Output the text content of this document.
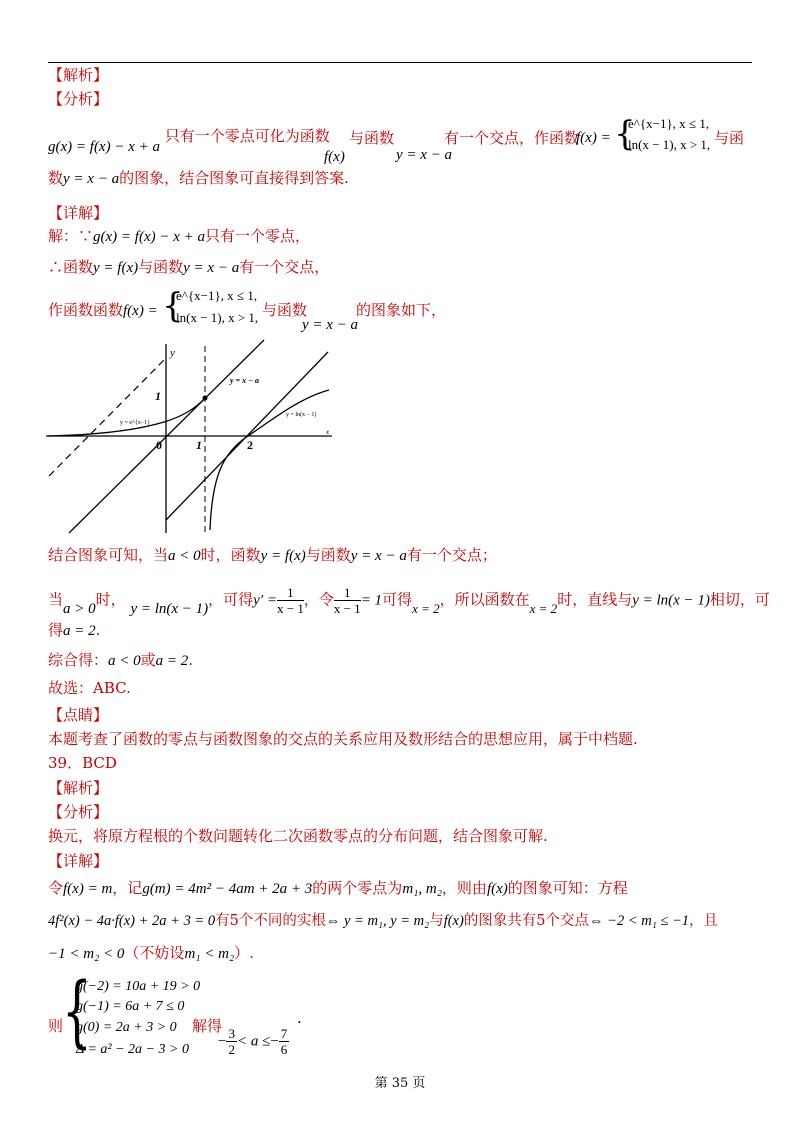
【解析】
【分析】
g(x) = f(x) − x + a 只有一个零点可化为函数
f(x)
与函数
y = x − a
有一个交点，作函数
f(x) = {
e^{x−1}, x ≤ 1,
ln(x − 1), x > 1, 与函
数y = x − a的图象，结合图象可直接得到答案.
【详解】
解：∵g(x) = f(x) − x + a只有一个零点，
∴函数y = f(x)与函数y = x − a有一个交点，
作函数函数f(x) = {
e^{x−1}, x ≤ 1,
ln(x − 1), x > 1, 与函数
y = x − a
的图象如下，
y
x
0	1	2
1
y = x − a
y = e^{x−1}
y = ln(x − 1)
结合图象可知，当a < 0时，函数y = f(x)与函数y = x − a有一个交点；
当a > 0时， y = ln(x − 1)，可得$y' = \frac{1}{x - 1}$ ，令 $\frac{1}{x - 1} = 1$可得x = 2，所以函数在x = 2时，直线与y = ln(x − 1)相切，可
得a = 2.
综合得：a < 0或a = 2.
故选：ABC.
【点睛】
本题考查了函数的零点与函数图象的交点的关系应用及数形结合的思想应用，属于中档题.
39．BCD
【解析】
【分析】
换元，将原方程根的个数问题转化二次函数零点的分布问题，结合图象可解.
【详解】
令f(x) = m，记g(m) = 4m² − 4am + 2a + 3的两个零点为m₁, m₂，则由f(x)的图象可知：方程
4f²(x) − 4a·f(x) + 2a + 3 = 0有5个不同的实根⇔ y = m₁, y = m₂与f(x)的图象共有5个交点⇔ −2 < m₁ ≤ −1，且
−1 < m₂ < 0（不妨设m₁ < m₂）.
则
{
g(−2) = 10a + 19 > 0
g(−1) = 6a + 7 ≤ 0
g(0) = 2a + 3 > 0
Δ = a² − 2a − 3 > 0
解得
− $\frac{3}{2} < a \le- \frac{7}{6}$
.
第 35 页
